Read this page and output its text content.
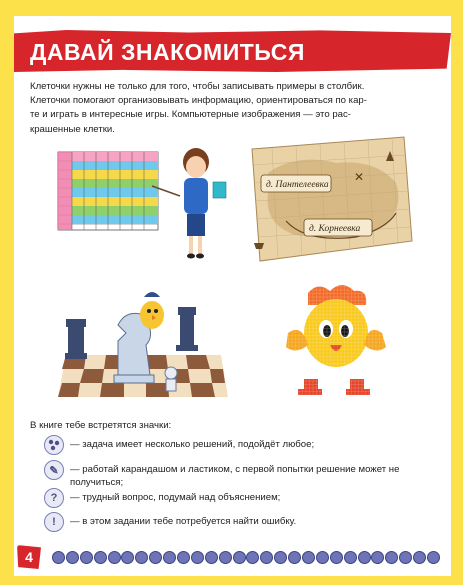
ДАВАЙ ЗНАКОМИТЬСЯ
Клеточки нужны не только для того, чтобы записывать примеры в столбик.
Клеточки помогают организовывать информацию, ориентироваться по кар-
те и играть в интересные игры. Компьютерные изображения — это рас-
крашенные клетки.
д. Пантелеевка
д. Корнеевка
✕
В книге тебе встретятся значки:
— задача имеет несколько решений, подойдёт любое;
✎	— работай карандашом и ластиком, с первой попытки решение может не получиться;
?	— трудный вопрос, подумай над объяснением;
!	— в этом задании тебе потребуется найти ошибку.
4
